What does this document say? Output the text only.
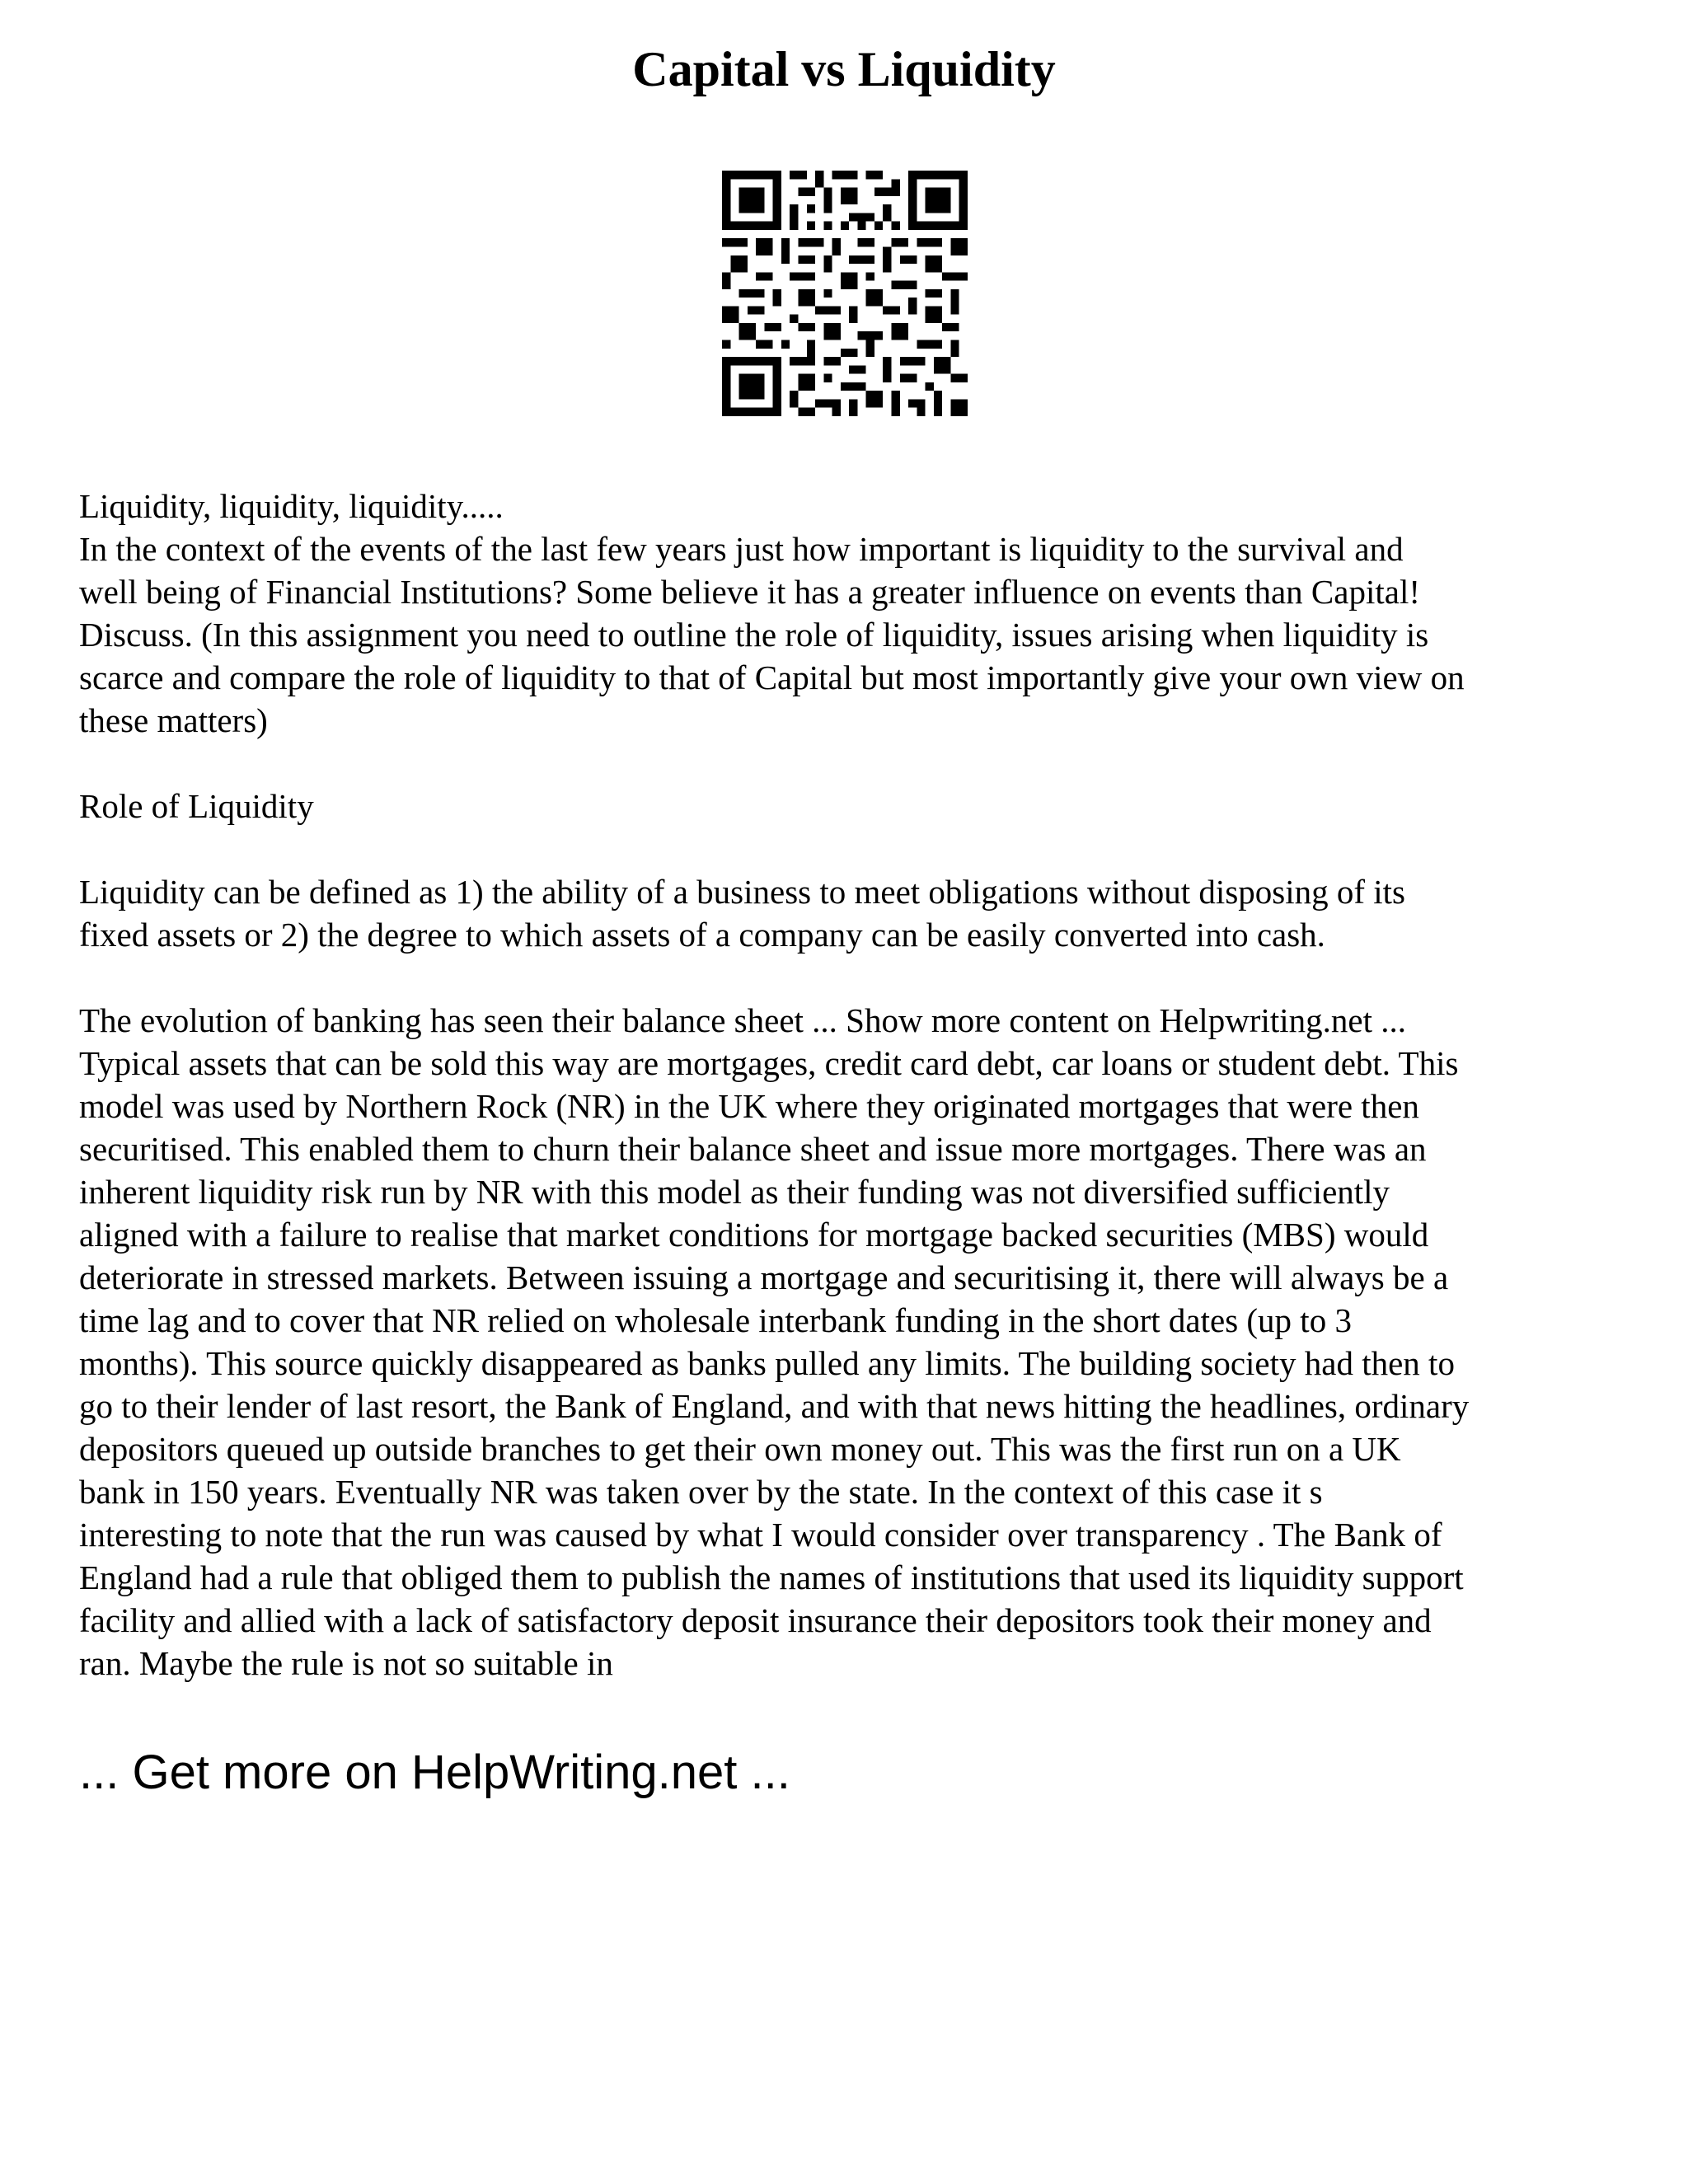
Capital vs Liquidity

Liquidity, liquidity, liquidity.....

In the context of the events of the last few years just how important is liquidity to the survival and

well being of Financial Institutions? Some believe it has a greater influence on events than Capital!

Discuss. (In this assignment you need to outline the role of liquidity, issues arising when liquidity is

scarce and compare the role of liquidity to that of Capital but most importantly give your own view on

these matters)

Role of Liquidity

Liquidity can be defined as 1) the ability of a business to meet obligations without disposing of its

fixed assets or 2) the degree to which assets of a company can be easily converted into cash.

The evolution of banking has seen their balance sheet ... Show more content on Helpwriting.net ...

Typical assets that can be sold this way are mortgages, credit card debt, car loans or student debt. This

model was used by Northern Rock (NR) in the UK where they originated mortgages that were then

securitised. This enabled them to churn their balance sheet and issue more mortgages. There was an

inherent liquidity risk run by NR with this model as their funding was not diversified sufficiently

aligned with a failure to realise that market conditions for mortgage backed securities (MBS) would

deteriorate in stressed markets. Between issuing a mortgage and securitising it, there will always be a

time lag and to cover that NR relied on wholesale interbank funding in the short dates (up to 3

months). This source quickly disappeared as banks pulled any limits. The building society had then to

go to their lender of last resort, the Bank of England, and with that news hitting the headlines, ordinary

depositors queued up outside branches to get their own money out. This was the first run on a UK

bank in 150 years. Eventually NR was taken over by the state. In the context of this case it s

interesting to note that the run was caused by what I would consider over transparency . The Bank of

England had a rule that obliged them to publish the names of institutions that used its liquidity support

facility and allied with a lack of satisfactory deposit insurance their depositors took their money and

ran. Maybe the rule is not so suitable in

... Get more on HelpWriting.net ...
